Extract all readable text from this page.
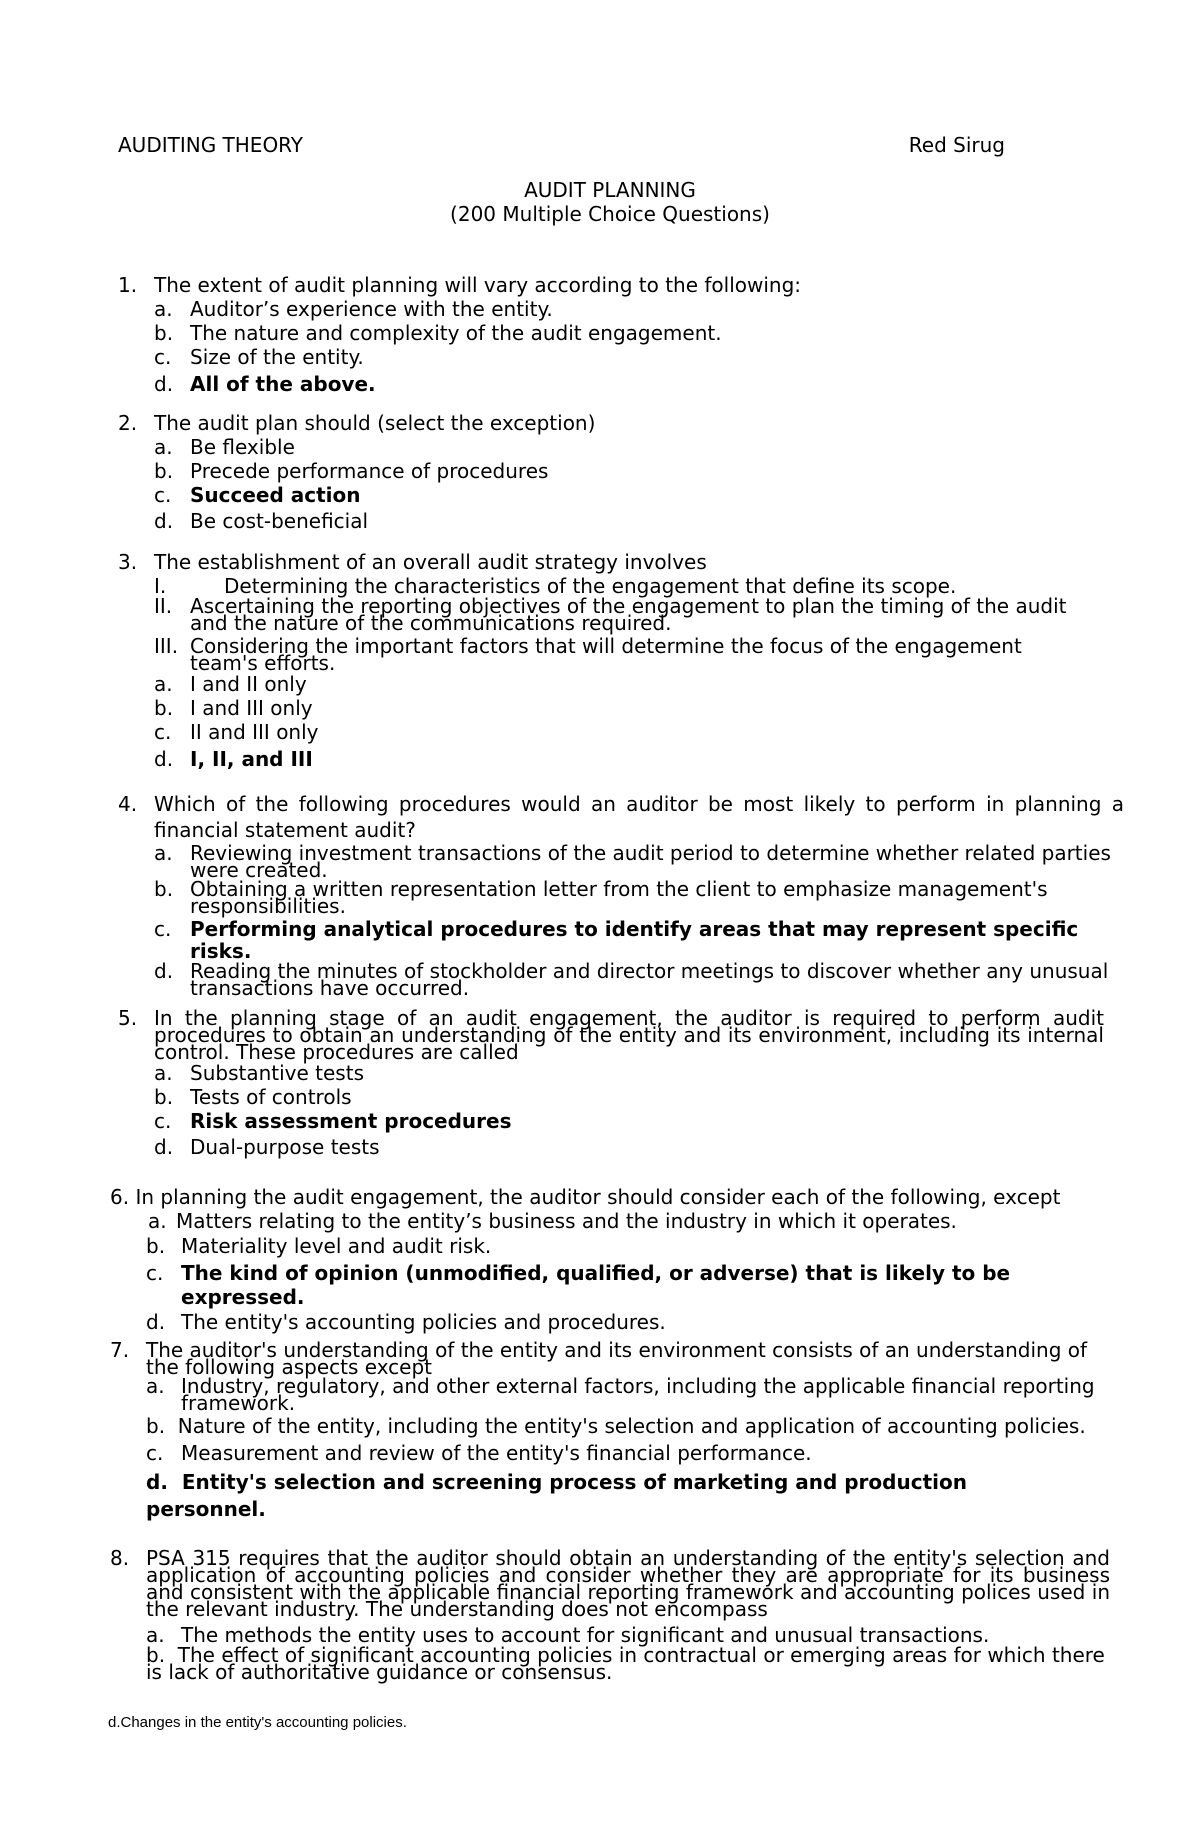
AUDITING THEORY	Red Sirug
AUDIT PLANNING
(200 Multiple Choice Questions)
1. The extent of audit planning will vary according to the following:
a. Auditor’s experience with the entity.
b. The nature and complexity of the audit engagement.
c. Size of the entity.
d. All of the above.
2. The audit plan should (select the exception)
a. Be flexible
b. Precede performance of procedures
c. Succeed action
d. Be cost-beneficial
3. The establishment of an overall audit strategy involves
I.	Determining the characteristics of the engagement that define its scope.
II. Ascertaining the reporting objectives of the engagement to plan the timing of the audit and the nature of the communications required.
III. Considering the important factors that will determine the focus of the engagement team's efforts.
a. I and II only
b. I and III only
c. II and III only
d. I, II, and III
4. Which of the following procedures would an auditor be most likely to perform in planning a financial statement audit?
a. Reviewing investment transactions of the audit period to determine whether related parties were created.
b. Obtaining a written representation letter from the client to emphasize management's responsibilities.
c. Performing analytical procedures to identify areas that may represent specific risks.
d. Reading the minutes of stockholder and director meetings to discover whether any unusual transactions have occurred.
5. In the planning stage of an audit engagement, the auditor is required to perform audit procedures to obtain an understanding of the entity and its environment, including its internal control. These procedures are called
a. Substantive tests
b. Tests of controls
c. Risk assessment procedures
d. Dual-purpose tests
6. In planning the audit engagement, the auditor should consider each of the following, except
a. Matters relating to the entity’s business and the industry in which it operates.
b. Materiality level and audit risk.
c. The kind of opinion (unmodified, qualified, or adverse) that is likely to be expressed.
d. The entity's accounting policies and procedures.
7. The auditor's understanding of the entity and its environment consists of an understanding of the following aspects except
a. Industry, regulatory, and other external factors, including the applicable financial reporting framework.
b. Nature of the entity, including the entity's selection and application of accounting policies.
c. Measurement and review of the entity's financial performance.
d. Entity's selection and screening process of marketing and production personnel.
8. PSA 315 requires that the auditor should obtain an understanding of the entity's selection and application of accounting policies and consider whether they are appropriate for its business and consistent with the applicable financial reporting framework and accounting polices used in the relevant industry. The understanding does not encompass
a. The methods the entity uses to account for significant and unusual transactions.
b. The effect of significant accounting policies in contractual or emerging areas for which there is lack of authoritative guidance or consensus.
d.Changes in the entity's accounting policies.
